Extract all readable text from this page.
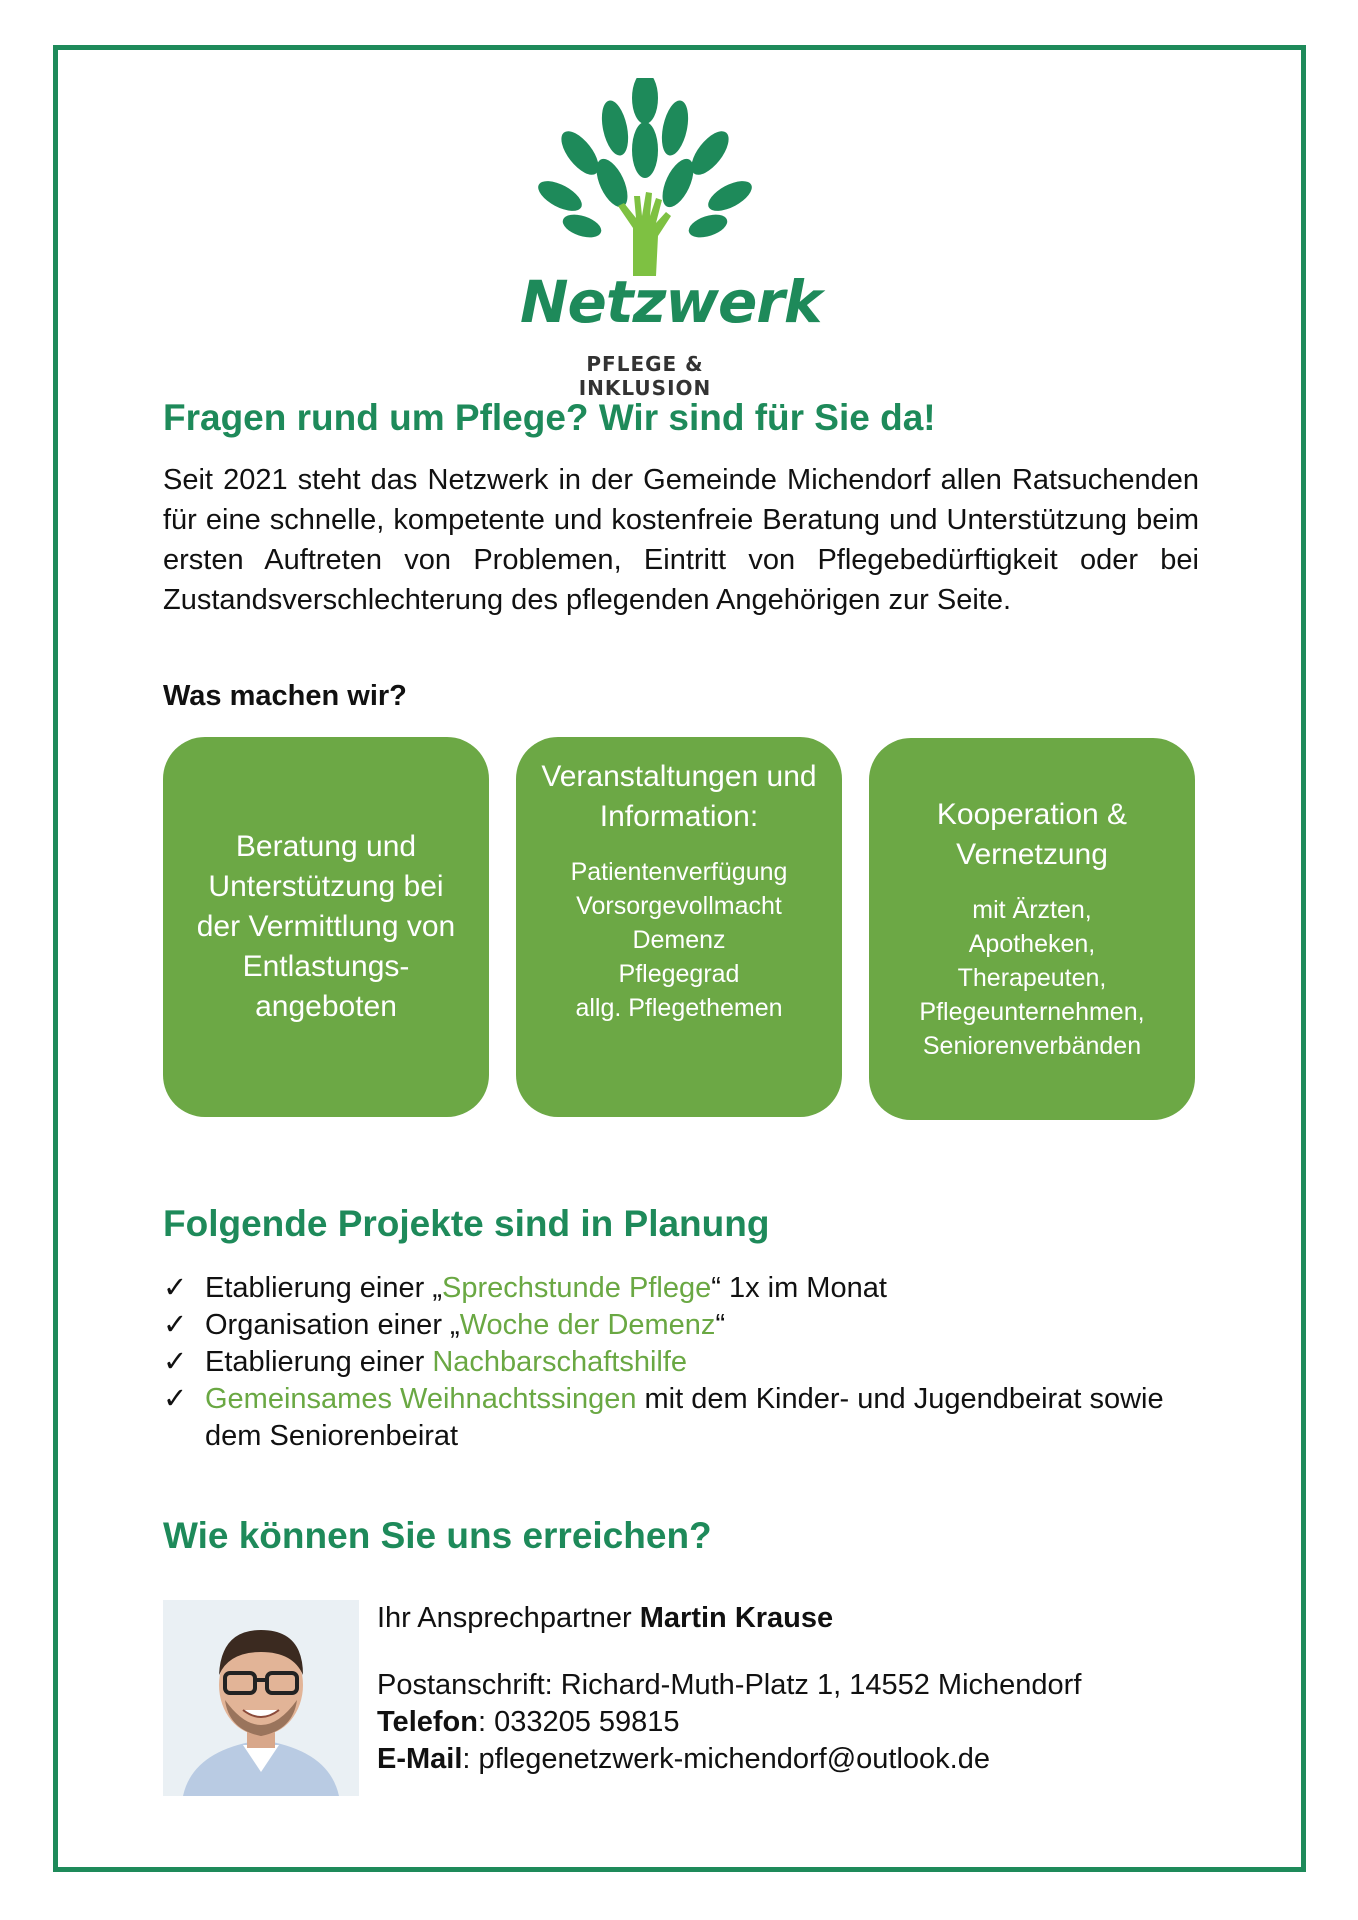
Netzwerk
PFLEGE & INKLUSION
Fragen rund um Pflege? Wir sind für Sie da!

Seit 2021 steht das Netzwerk in der Gemeinde Michendorf allen Ratsuchenden für eine schnelle, kompetente und kostenfreie Beratung und Unterstützung beim ersten Auftreten von Problemen, Eintritt von Pflegebedürftigkeit oder bei Zustandsverschlechterung des pflegenden Angehörigen zur Seite.

Was machen wir?

Beratung und Unterstützung bei der Vermittlung von Entlastungs-angeboten
Veranstaltungen und Information:
Patientenverfügung
Vorsorgevollmacht
Demenz
Pflegegrad
allg. Pflegethemen
Kooperation & Vernetzung
mit Ärzten,
Apotheken,
Therapeuten,
Pflegeunternehmen,
Seniorenverbänden
Folgende Projekte sind in Planung
✓ Etablierung einer „Sprechstunde Pflege“ 1x im Monat
✓ Organisation einer „Woche der Demenz“
✓ Etablierung einer Nachbarschaftshilfe
✓ Gemeinsames Weihnachtssingen mit dem Kinder- und Jugendbeirat sowie dem Seniorenbeirat
Wie können Sie uns erreichen?

Ihr Ansprechpartner Martin Krause

Postanschrift: Richard-Muth-Platz 1, 14552 Michendorf

Telefon: 033205 59815

E-Mail: pflegenetzwerk-michendorf@outlook.de
